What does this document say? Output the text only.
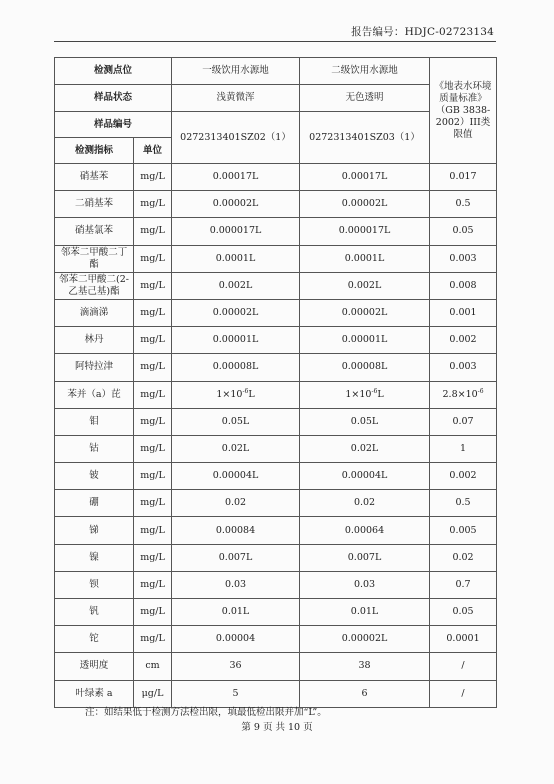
报告编号：HDJC-02723134
检测点位		一级饮用水源地	二级饮用水源地	《地表水环境质量标准》（GB 3838-2002）III类限值
样品状态		浅黄微浑	无色透明	
样品编号		0272313401SZ02（1）	0272313401SZ03（1）	
检测指标	单位			
硝基苯	mg/L	0.00017L	0.00017L	0.017
二硝基苯	mg/L	0.00002L	0.00002L	0.5
硝基氯苯	mg/L	0.000017L	0.000017L	0.05
邻苯二甲酸二丁酯	mg/L	0.0001L	0.0001L	0.003
邻苯二甲酸二(2-乙基己基)酯	mg/L	0.002L	0.002L	0.008
滴滴涕	mg/L	0.00002L	0.00002L	0.001
林丹	mg/L	0.00001L	0.00001L	0.002
阿特拉津	mg/L	0.00008L	0.00008L	0.003
苯并（a）芘	mg/L	$1\times 10^{-6}L$	$1\times 10^{-6}L$	$2.8\times 10^{-6}$
钼	mg/L	0.05L	0.05L	0.07
钴	mg/L	0.02L	0.02L	1
铍	mg/L	0.00004L	0.00004L	0.002
硼	mg/L	0.02	0.02	0.5
锑	mg/L	0.00084	0.00064	0.005
镍	mg/L	0.007L	0.007L	0.02
钡	mg/L	0.03	0.03	0.7
钒	mg/L	0.01L	0.01L	0.05
铊	mg/L	0.00004	0.00002L	0.0001
透明度	cm	36	38	/
叶绿素 a	μg/L	5	6	/
注：如结果低于检测方法检出限，填最低检出限并加“L”。
第 9 页 共 10 页
